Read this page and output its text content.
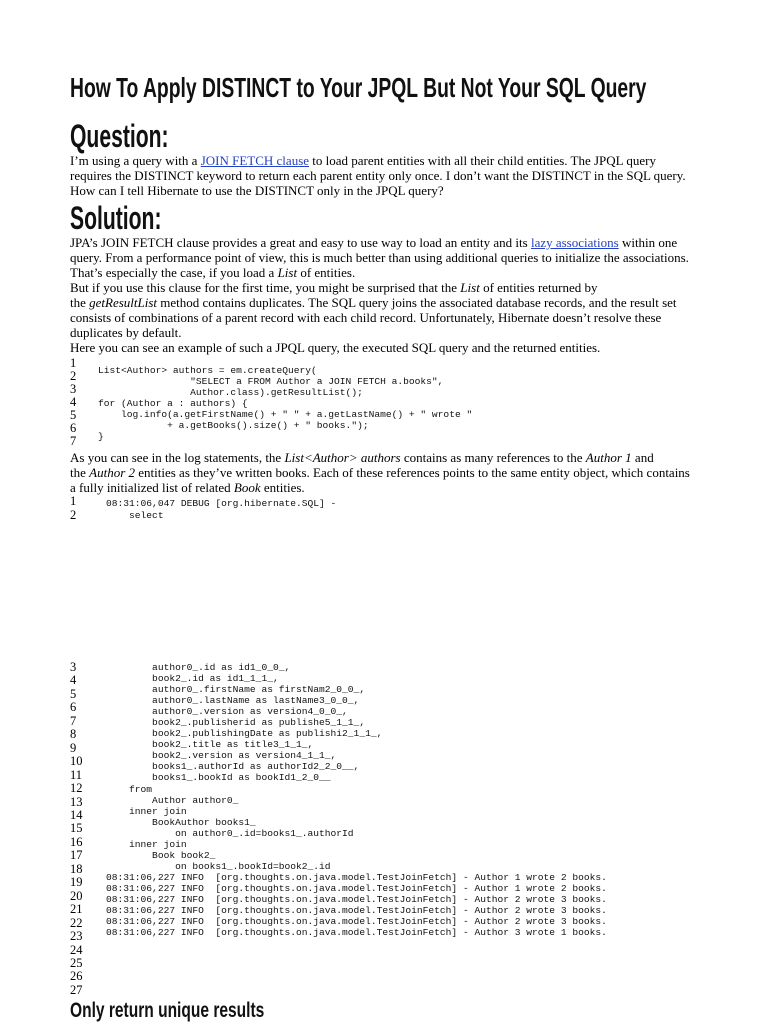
How To Apply DISTINCT to Your JPQL But Not Your SQL Query
Question:
I’m using a query with a JOIN FETCH clause to load parent entities with all their child entities. The JPQL query
requires the DISTINCT keyword to return each parent entity only once. I don’t want the DISTINCT in the SQL query.
How can I tell Hibernate to use the DISTINCT only in the JPQL query?
Solution:
JPA’s JOIN FETCH clause provides a great and easy to use way to load an entity and its lazy associations within one
query. From a performance point of view, this is much better than using additional queries to initialize the associations.
That’s especially the case, if you load a List of entities.
But if you use this clause for the first time, you might be surprised that the List of entities returned by
the getResultList method contains duplicates. The SQL query joins the associated database records, and the result set
consists of combinations of a parent record with each child record. Unfortunately, Hibernate doesn’t resolve these
duplicates by default.
Here you can see an example of such a JPQL query, the executed SQL query and the returned entities.
1
2
3
4
5
6
7
List<Author> authors = em.createQuery(
"SELECT a FROM Author a JOIN FETCH a.books",
Author.class).getResultList();
for (Author a : authors) {
log.info(a.getFirstName() + " " + a.getLastName() + " wrote "
+ a.getBooks().size() + " books.");
}
As you can see in the log statements, the List<Author> authors contains as many references to the Author 1 and
the Author 2 entities as they’ve written books. Each of these references points to the same entity object, which contains
a fully initialized list of related Book entities.
1
2
08:31:06,047 DEBUG [org.hibernate.SQL] -
select
3
4
5
6
7
8
9
10
11
12
13
14
15
16
17
18
19
20
21
22
23
24
25
26
27
author0_.id as id1_0_0_,
book2_.id as id1_1_1_,
author0_.firstName as firstNam2_0_0_,
author0_.lastName as lastName3_0_0_,
author0_.version as version4_0_0_,
book2_.publisherid as publishe5_1_1_,
book2_.publishingDate as publishi2_1_1_,
book2_.title as title3_1_1_,
book2_.version as version4_1_1_,
books1_.authorId as authorId2_2_0__,
books1_.bookId as bookId1_2_0__
from
Author author0_
inner join
BookAuthor books1_
on author0_.id=books1_.authorId
inner join
Book book2_
on books1_.bookId=book2_.id
08:31:06,227 INFO  [org.thoughts.on.java.model.TestJoinFetch] - Author 1 wrote 2 books.
08:31:06,227 INFO  [org.thoughts.on.java.model.TestJoinFetch] - Author 1 wrote 2 books.
08:31:06,227 INFO  [org.thoughts.on.java.model.TestJoinFetch] - Author 2 wrote 3 books.
08:31:06,227 INFO  [org.thoughts.on.java.model.TestJoinFetch] - Author 2 wrote 3 books.
08:31:06,227 INFO  [org.thoughts.on.java.model.TestJoinFetch] - Author 2 wrote 3 books.
08:31:06,227 INFO  [org.thoughts.on.java.model.TestJoinFetch] - Author 3 wrote 1 books.
Only return unique results
